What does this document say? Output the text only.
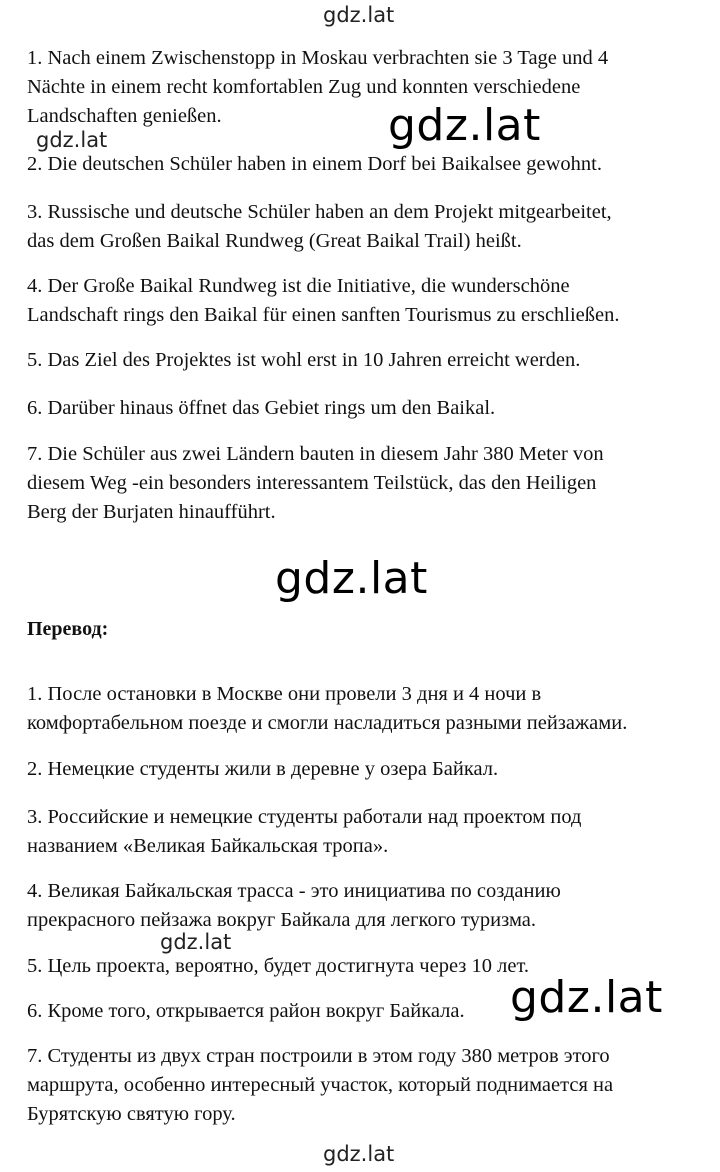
gdz.lat

1. Nach einem Zwischenstopp in Moskau verbrachten sie 3 Tage und 4
Nächte in einem recht komfortablen Zug und konnten verschiedene
Landschaften genießen.

2. Die deutschen Schüler haben in einem Dorf bei Baikalsee gewohnt.

3. Russische und deutsche Schüler haben an dem Projekt mitgearbeitet,
das dem Großen Baikal Rundweg (Great Baikal Trail) heißt.

4. Der Große Baikal Rundweg ist die Initiative, die wunderschöne
Landschaft rings den Baikal für einen sanften Tourismus zu erschließen.

5. Das Ziel des Projektes ist wohl erst in 10 Jahren erreicht werden.

6. Darüber hinaus öffnet das Gebiet rings um den Baikal.

7. Die Schüler aus zwei Ländern bauten in diesem Jahr 380 Meter von
diesem Weg -ein besonders interessantem Teilstück, das den Heiligen
Berg der Burjaten hinaufführt.

gdz.lat	gdz.lat
Перевод:
gdz.lat

1. После остановки в Москве они провели 3 дня и 4 ночи в
комфортабельном поезде и смогли насладиться разными пейзажами.

2. Немецкие студенты жили в деревне у озера Байкал.

3. Российские и немецкие студенты работали над проектом под
названием «Великая Байкальская тропа».

4. Великая Байкальская трасса - это инициатива по созданию
прекрасного пейзажа вокруг Байкала для легкого туризма.

5. Цель проекта, вероятно, будет достигнута через 10 лет.

6. Кроме того, открывается район вокруг Байкала.

7. Студенты из двух стран построили в этом году 380 метров этого
маршрута, особенно интересный участок, который поднимается на
Бурятскую святую гору.

gdz.lat
gdz.lat
gdz.lat
